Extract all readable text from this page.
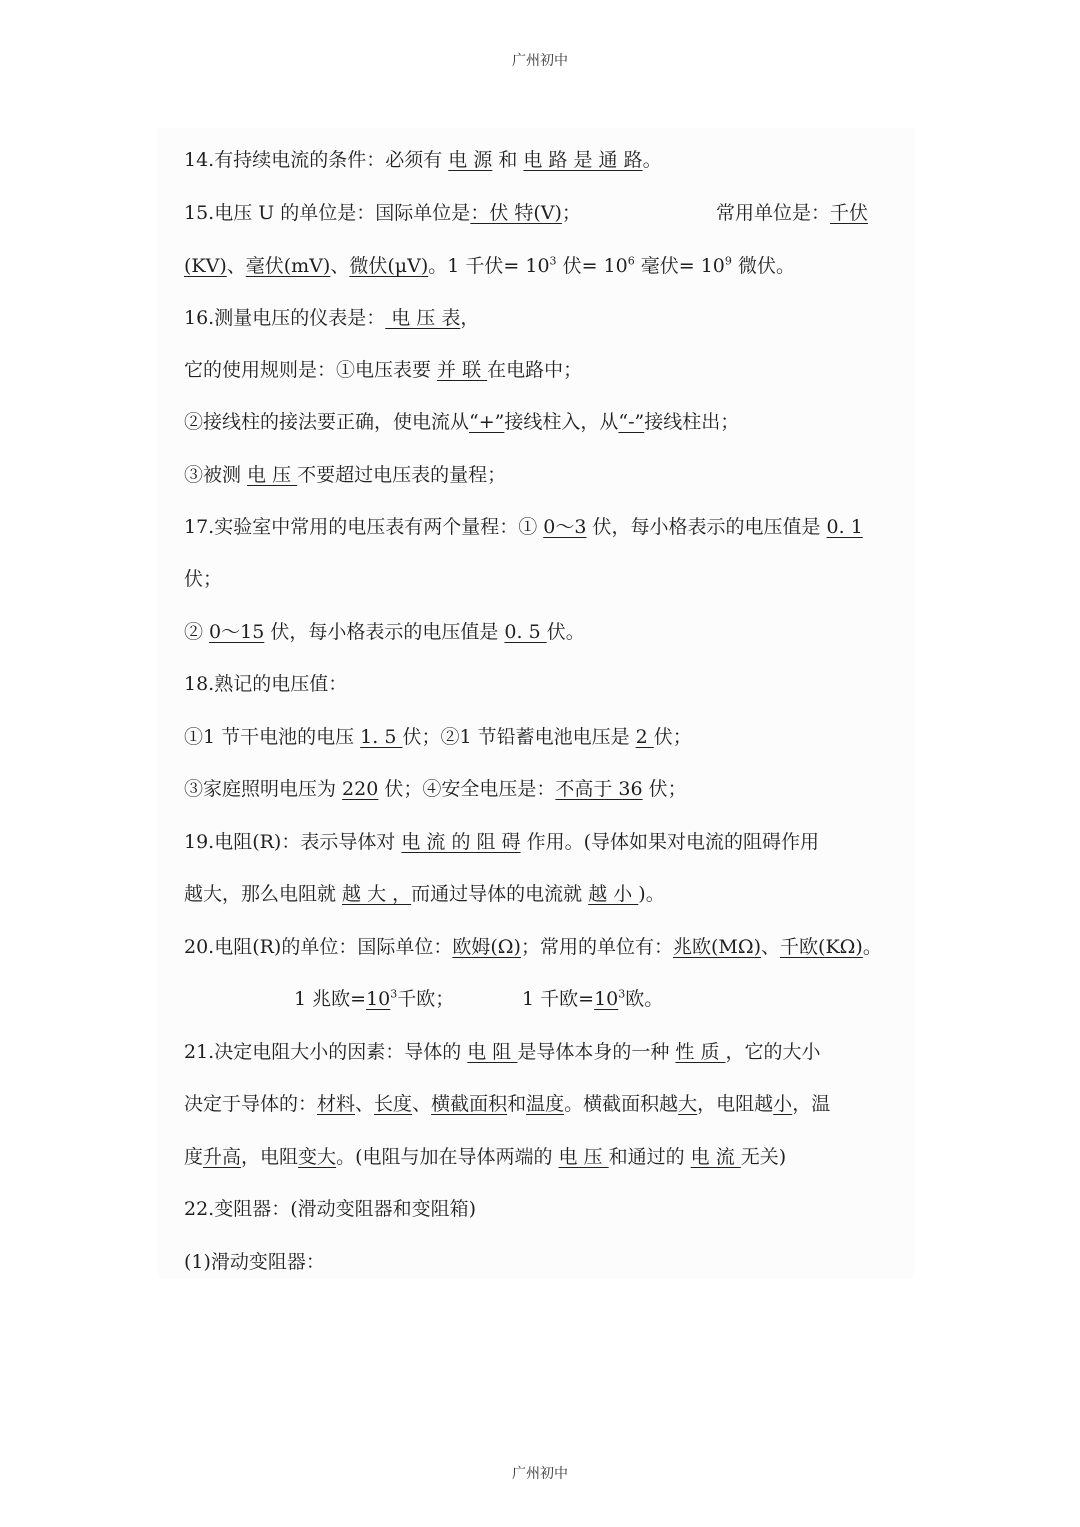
广州初中
14.有持续电流的条件：必须有 电 源 和 电 路 是 通 路。
15.电压 U 的单位是：国际单位是：伏 特(V)；	常用单位是：千伏
(KV)、毫伏(mV)、微伏(μV)。1 千伏= $10^3$ 伏= $10^6$ 毫伏= $10^9$ 微伏。
16.测量电压的仪表是： 电 压 表，
它的使用规则是：①电压表要 并 联 在电路中；
②接线柱的接法要正确，使电流从“+”接线柱入，从“-”接线柱出；
③被测 电 压 不要超过电压表的量程；
17.实验室中常用的电压表有两个量程：① 0～3 伏，每小格表示的电压值是 0. 1
伏；
② 0～15 伏，每小格表示的电压值是 0. 5 伏。
18.熟记的电压值：
①1 节干电池的电压 1. 5 伏；②1 节铅蓄电池电压是 2 伏；
③家庭照明电压为 220 伏；④安全电压是：不高于 36 伏；
19.电阻(R)：表示导体对 电 流 的 阻 碍 作用。(导体如果对电流的阻碍作用
越大，那么电阻就 越 大 ，而通过导体的电流就 越 小 )。
20.电阻(R)的单位：国际单位：欧姆(Ω)；常用的单位有：兆欧(MΩ)、千欧(KΩ)。
1 兆欧$=10^3$千欧；	1 千欧$=10^3$欧。
21.决定电阻大小的因素：导体的 电 阻 是导体本身的一种 性 质 ，它的大小
决定于导体的：材料、长度、横截面积和温度。横截面积越大，电阻越小，温
度升高，电阻变大。(电阻与加在导体两端的 电 压 和通过的 电 流 无关)
22.变阻器：(滑动变阻器和变阻箱)
(1)滑动变阻器：
广州初中
